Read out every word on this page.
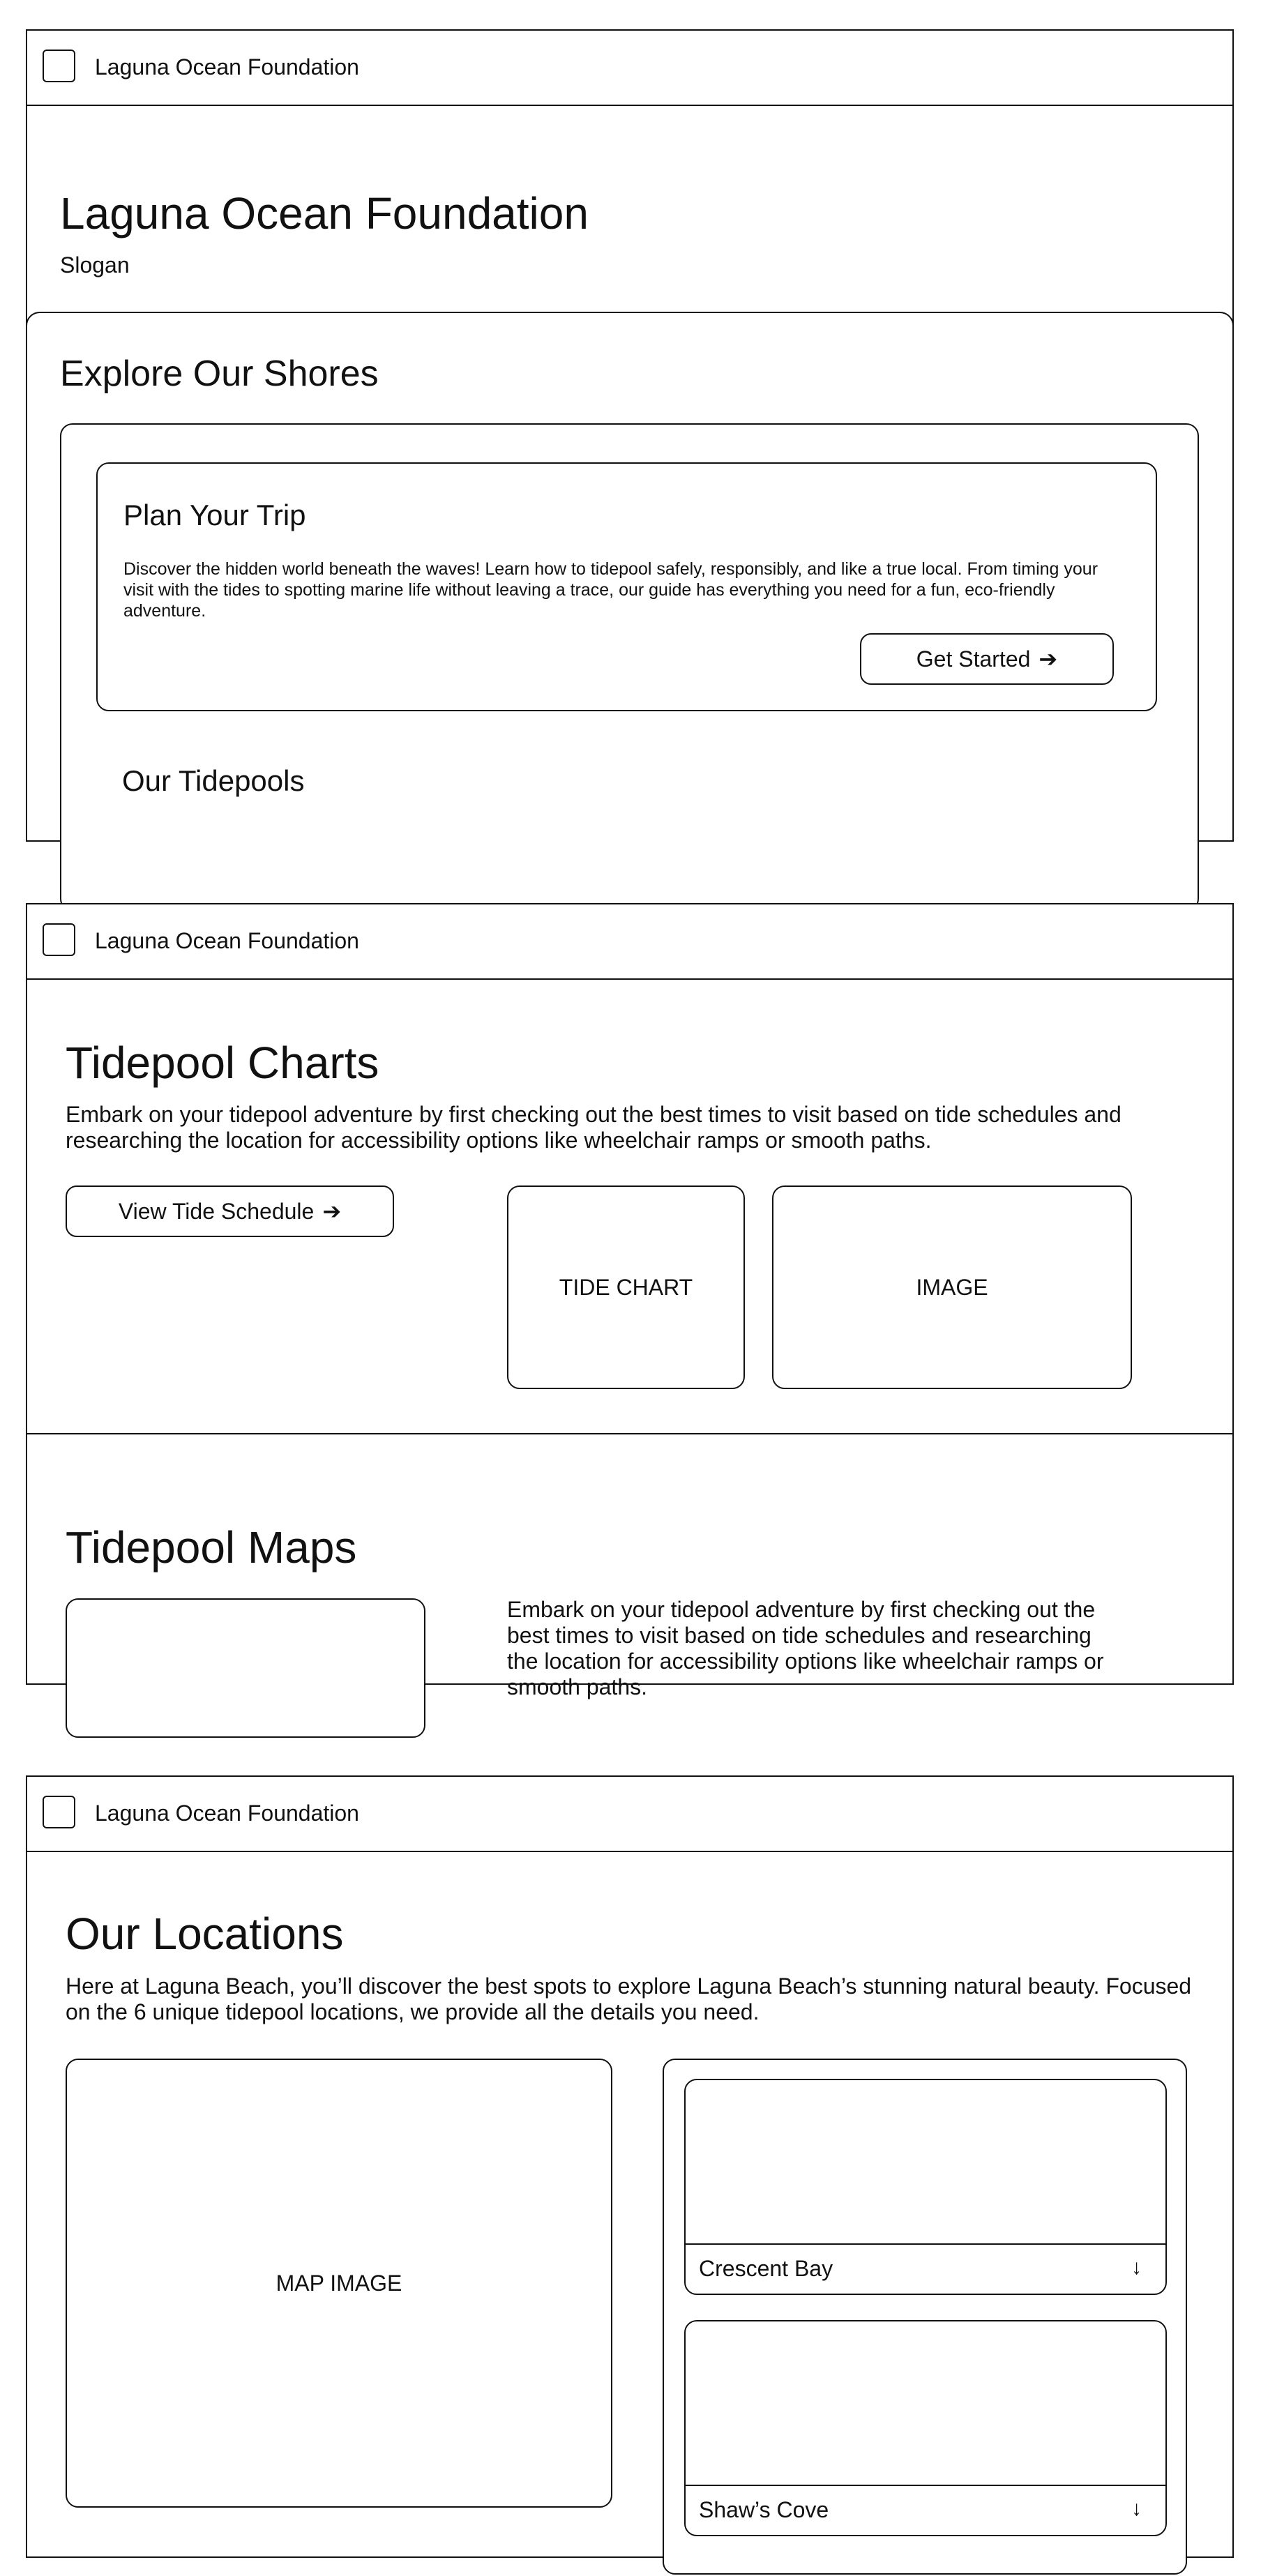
Laguna Ocean Foundation
Laguna Ocean Foundation
Slogan
Explore Our Shores
Plan Your Trip
Discover the hidden world beneath the waves! Learn how to tidepool safely, responsibly, and like a true local. From timing your visit with the tides to spotting marine life without leaving a trace, our guide has everything you need for a fun, eco-friendly adventure.
Get Started ➔
Our Tidepools
Laguna Ocean Foundation
Tidepool Charts
Embark on your tidepool adventure by first checking out the best times to visit based on tide schedules and researching the location for accessibility options like wheelchair ramps or smooth paths.
View Tide Schedule ➔
TIDE CHART	IMAGE
Tidepool Maps
Embark on your tidepool adventure by first checking out the best times to visit based on tide schedules and researching the location for accessibility options like wheelchair ramps or smooth paths.
Laguna Ocean Foundation
Our Locations
Here at Laguna Beach, you’ll discover the best spots to explore Laguna Beach’s stunning natural beauty. Focused on the 6 unique tidepool locations, we provide all the details you need.
MAP IMAGE
Crescent Bay	↓
Shaw’s Cove	↓
